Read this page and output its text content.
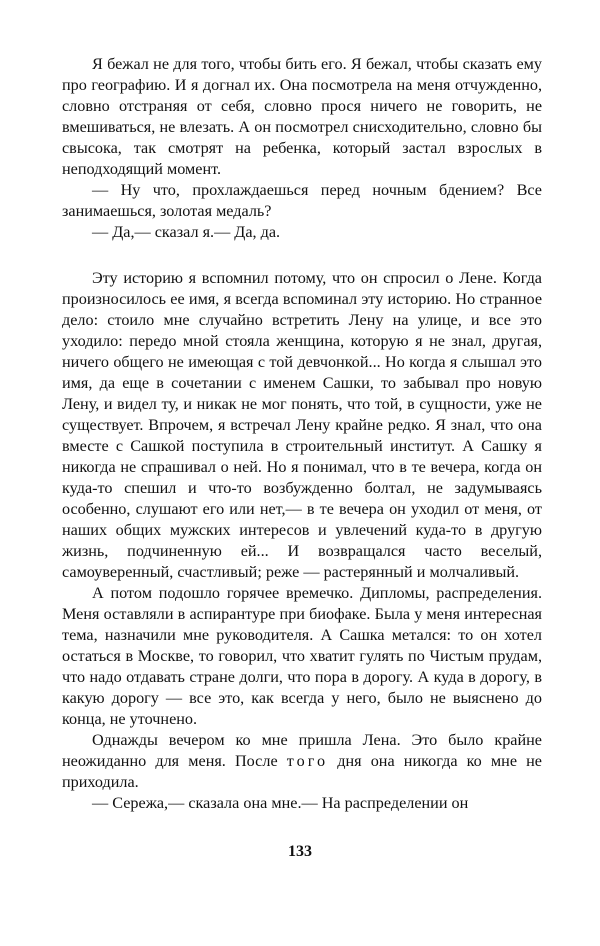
Я бежал не для того, чтобы бить его. Я бежал, чтобы сказать ему про географию. И я догнал их. Она посмотрела на меня отчужденно, словно отстраняя от себя, словно прося ничего не говорить, не вмешиваться, не влезать. А он посмотрел снисходительно, словно бы свысока, так смотрят на ребенка, который застал взрослых в неподходящий момент.

— Ну что, прохлаждаешься перед ночным бдением? Все занимаешься, золотая медаль?

— Да,— сказал я.— Да, да.

Эту историю я вспомнил потому, что он спросил о Лене. Когда произносилось ее имя, я всегда вспоминал эту историю. Но странное дело: стоило мне случайно встретить Лену на улице, и все это уходило: передо мной стояла женщина, которую я не знал, другая, ничего общего не имеющая с той девчонкой... Но когда я слышал это имя, да еще в сочетании с именем Сашки, то забывал про новую Лену, и видел ту, и никак не мог понять, что той, в сущности, уже не существует. Впрочем, я встречал Лену крайне редко. Я знал, что она вместе с Сашкой поступила в строительный институт. А Сашку я никогда не спрашивал о ней. Но я понимал, что в те вечера, когда он куда-то спешил и что-то возбужденно болтал, не задумываясь особенно, слушают его или нет,— в те вечера он уходил от меня, от наших общих мужских интересов и увлечений куда-то в другую жизнь, подчиненную ей... И возвращался часто веселый, самоуверенный, счастливый; реже — растерянный и молчаливый.

А потом подошло горячее времечко. Дипломы, распределения. Меня оставляли в аспирантуре при биофаке. Была у меня интересная тема, назначили мне руководителя. А Сашка метался: то он хотел остаться в Москве, то говорил, что хватит гулять по Чистым прудам, что надо отдавать стране долги, что пора в дорогу. А куда в дорогу, в какую дорогу — все это, как всегда у него, было не выяснено до конца, не уточнено.

Однажды вечером ко мне пришла Лена. Это было крайне неожиданно для меня. После того дня она никогда ко мне не приходила.

— Сережа,— сказала она мне.— На распределении он

133
